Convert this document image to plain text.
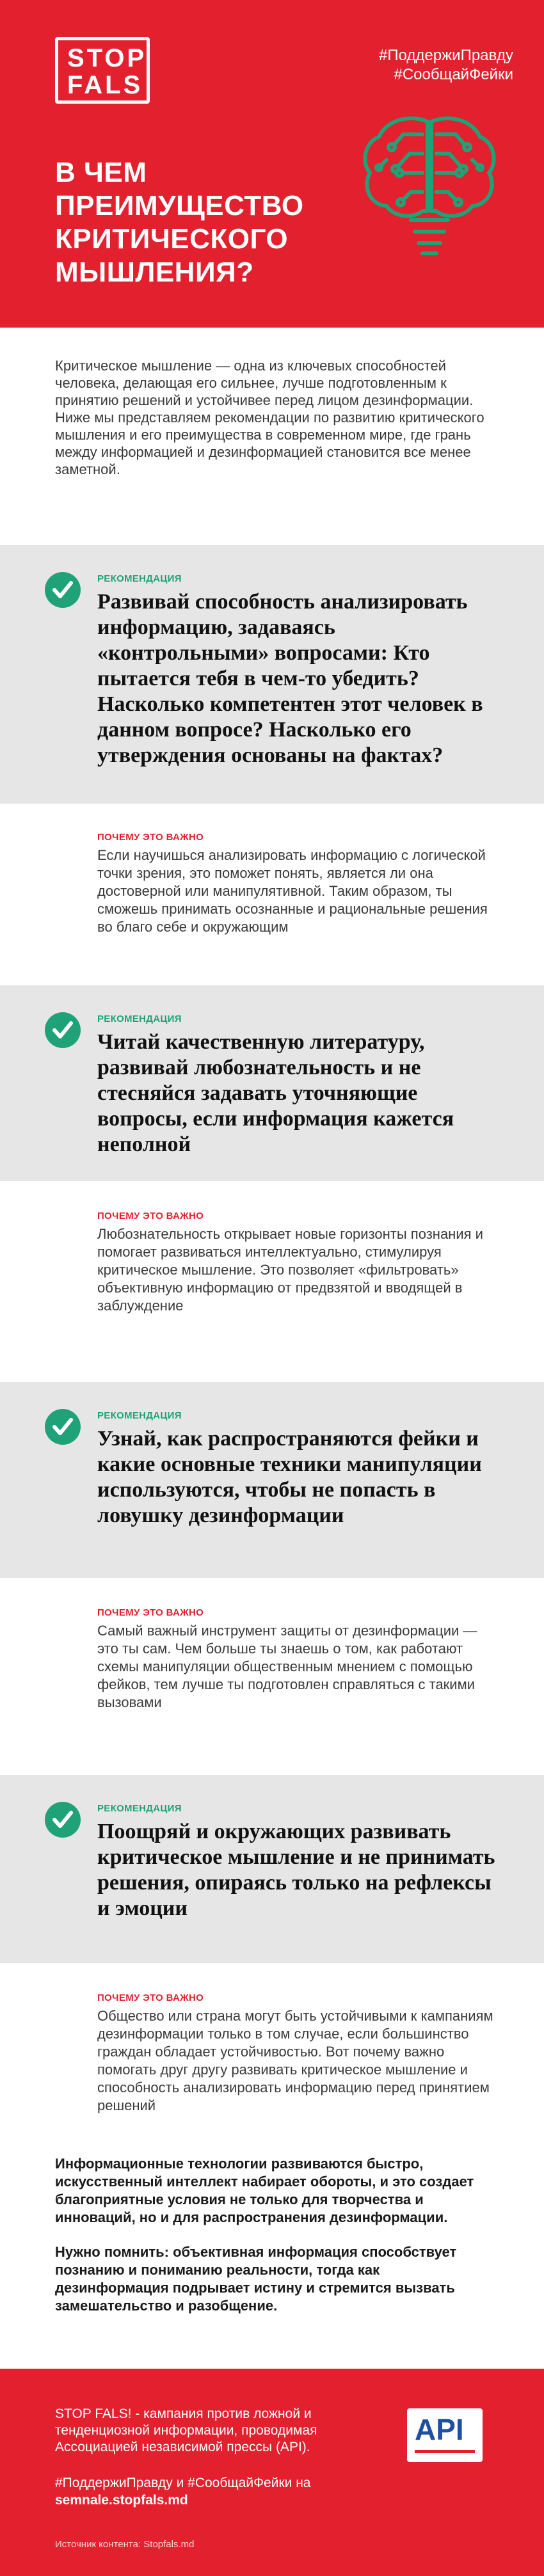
STOP
FALS
#ПоддержиПравду
#СообщайФейки
В ЧЕМ ПРЕИМУЩЕСТВО КРИТИЧЕСКОГО МЫШЛЕНИЯ?
Критическое мышление — одна из ключевых способностей человека, делающая его сильнее, лучше подготовленным к принятию решений и устойчивее перед лицом дезинформации. Ниже мы представляем рекомендации по развитию критического мышления и его преимущества в современном мире, где грань между информацией и дезинформацией становится все менее заметной.
РЕКОМЕНДАЦИЯ
Развивай способность анализировать информацию, задаваясь «контрольными» вопросами: Кто пытается тебя в чем-то убедить? Насколько компетентен этот человек в данном вопросе? Насколько его утверждения основаны на фактах?
ПОЧЕМУ ЭТО ВАЖНО
Если научишься анализировать информацию с логической точки зрения, это поможет понять, является ли она достоверной или манипулятивной. Таким образом, ты сможешь принимать осознанные и рациональные решения во благо себе и окружающим
РЕКОМЕНДАЦИЯ
Читай качественную литературу, развивай любознательность и не стесняйся задавать уточняющие вопросы, если информация кажется неполной
ПОЧЕМУ ЭТО ВАЖНО
Любознательность открывает новые горизонты познания и помогает развиваться интеллектуально, стимулируя критическое мышление. Это позволяет «фильтровать» объективную информацию от предвзятой и вводящей в заблуждение
РЕКОМЕНДАЦИЯ
Узнай, как распространяются фейки и какие основные техники манипуляции используются, чтобы не попасть в ловушку дезинформации
ПОЧЕМУ ЭТО ВАЖНО
Самый важный инструмент защиты от дезинформации — это ты сам. Чем больше ты знаешь о том, как работают схемы манипуляции общественным мнением с помощью фейков, тем лучше ты подготовлен справляться с такими вызовами
РЕКОМЕНДАЦИЯ
Поощряй и окружающих развивать критическое мышление и не принимать решения, опираясь только на рефлексы и эмоции
ПОЧЕМУ ЭТО ВАЖНО
Общество или страна могут быть устойчивыми к кампаниям дезинформации только в том случае, если большинство граждан обладает устойчивостью. Вот почему важно помогать друг другу развивать критическое мышление и способность анализировать информацию перед принятием решений

Информационные технологии развиваются быстро, искусственный интеллект набирает обороты, и это создает благоприятные условия не только для творчества и инноваций, но и для распространения дезинформации.

Нужно помнить: объективная информация способствует познанию и пониманию реальности, тогда как дезинформация подрывает истину и стремится вызвать замешательство и разобщение.

STOP FALS! - кампания против ложной и тенденциозной информации, проводимая Ассоциацией независимой прессы (API).
#ПоддержиПравду и #СообщайФейки на
semnale.stopfals.md
Источник контента: Stopfals.md
API
